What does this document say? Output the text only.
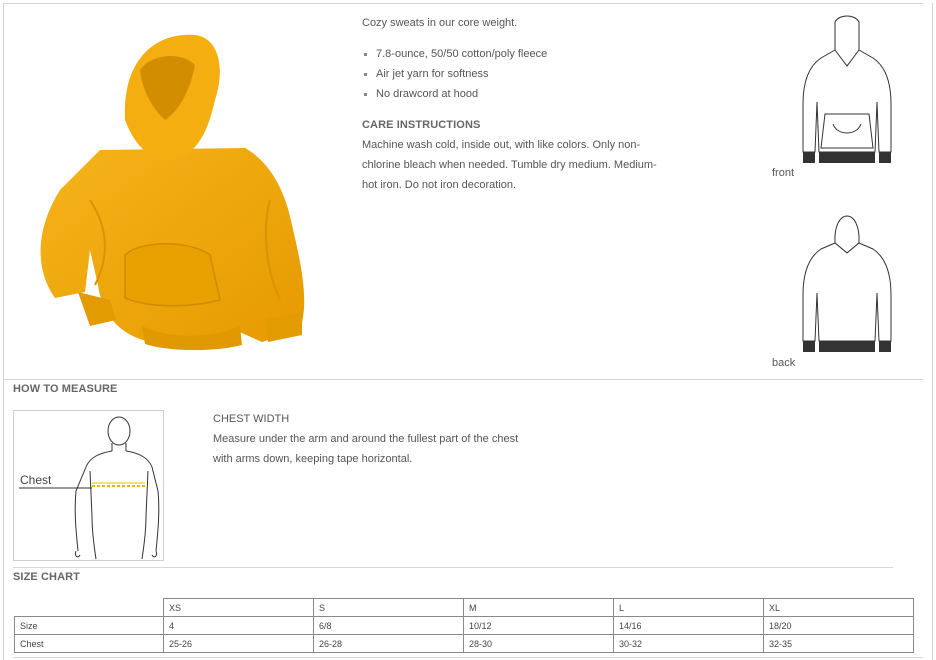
Cozy sweats in our core weight.
7.8-ounce, 50/50 cotton/poly fleece
Air jet yarn for softness
No drawcord at hood
CARE INSTRUCTIONS
Machine wash cold, inside out, with like colors. Only non-chlorine bleach when needed. Tumble dry medium. Medium-hot iron. Do not iron decoration.
front
back
HOW TO MEASURE
Chest
CHEST WIDTH
Measure under the arm and around the fullest part of the chest with arms down, keeping tape horizontal.
SIZE CHART
	XS	S	M	L	XL
Size	4	6/8	10/12	14/16	18/20
Chest	25-26	26-28	28-30	30-32	32-35
